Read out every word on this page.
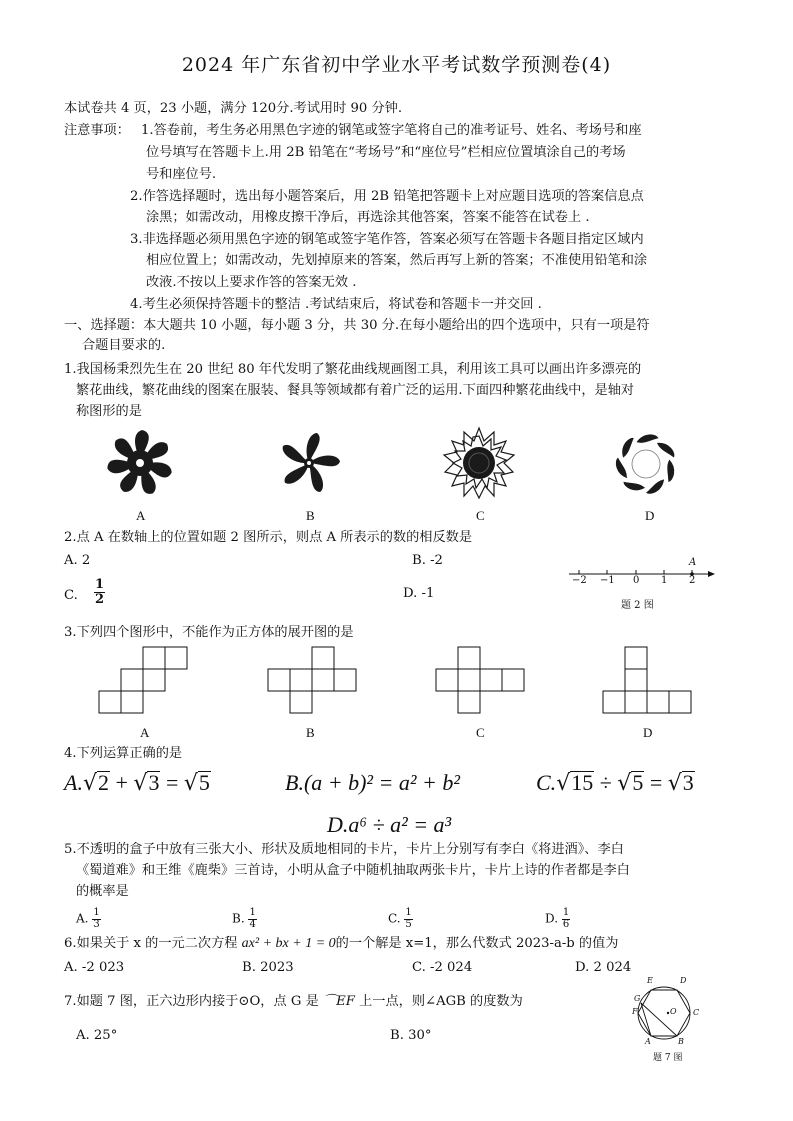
2024 年广东省初中学业水平考试数学预测卷(4)
本试卷共 4 页，23 小题，满分 120分.考试用时 90 分钟.
注意事项： 1.答卷前，考生务必用黑色字迹的钢笔或签字笔将自己的准考证号、姓名、考场号和座
位号填写在答题卡上.用 2B 铅笔在“考场号”和“座位号”栏相应位置填涂自己的考场
号和座位号.
2.作答选择题时，选出每小题答案后，用 2B 铅笔把答题卡上对应题目选项的答案信息点
涂黑；如需改动，用橡皮擦干净后，再选涂其他答案，答案不能答在试卷上 .
3.非选择题必须用黑色字迹的钢笔或签字笔作答，答案必须写在答题卡各题目指定区域内
相应位置上；如需改动，先划掉原来的答案，然后再写上新的答案；不准使用铅笔和涂
改液.不按以上要求作答的答案无效 .
4.考生必须保持答题卡的整洁 .考试结束后，将试卷和答题卡一并交回 .
一、选择题：本大题共 10 小题，每小题 3 分，共 30 分.在每小题给出的四个选项中，只有一项是符
合题目要求的.
1.我国杨秉烈先生在 20 世纪 80 年代发明了繁花曲线规画图工具，利用该工具可以画出许多漂亮的
繁花曲线，繁花曲线的图案在服装、餐具等领域都有着广泛的运用.下面四种繁花曲线中，是轴对
称图形的是
A	B	C	D
2.点 A 在数轴上的位置如题 2 图所示，则点 A 所表示的数的相反数是
A. 2	B. -2
C. $\frac{1}{2}$	D. -1
−2 −1 0 1 2
A
题 2 图
3.下列四个图形中，不能作为正方体的展开图的是
A	B	C	D
4.下列运算正确的是
A.√2 + √3 = √5	B.(a + b)² = a² + b²	C.√15 ÷ √5 = √3
D.a⁶ ÷ a² = a³
5.不透明的盒子中放有三张大小、形状及质地相同的卡片，卡片上分别写有李白《将进酒》、李白
《蜀道难》和王维《鹿柴》三首诗，小明从盒子中随机抽取两张卡片，卡片上诗的作者都是李白
的概率是
A. $\frac{1}{3}$	B. $\frac{1}{4}$	C. $\frac{1}{5}$	D. $\frac{1}{6}$
6.如果关于 x 的一元二次方程 ax² + bx + 1 = 0的一个解是 x=1，那么代数式 2023-a-b 的值为
A. -2 023	B. 2023	C. -2 024	D. 2 024
7.如题 7 图，正六边形内接于⊙O，点 G 是 ⌒EF 上一点，则∠AGB 的度数为
A. 25°	B. 30°
E	D
F	C
G
A	B
O
题 7 图
